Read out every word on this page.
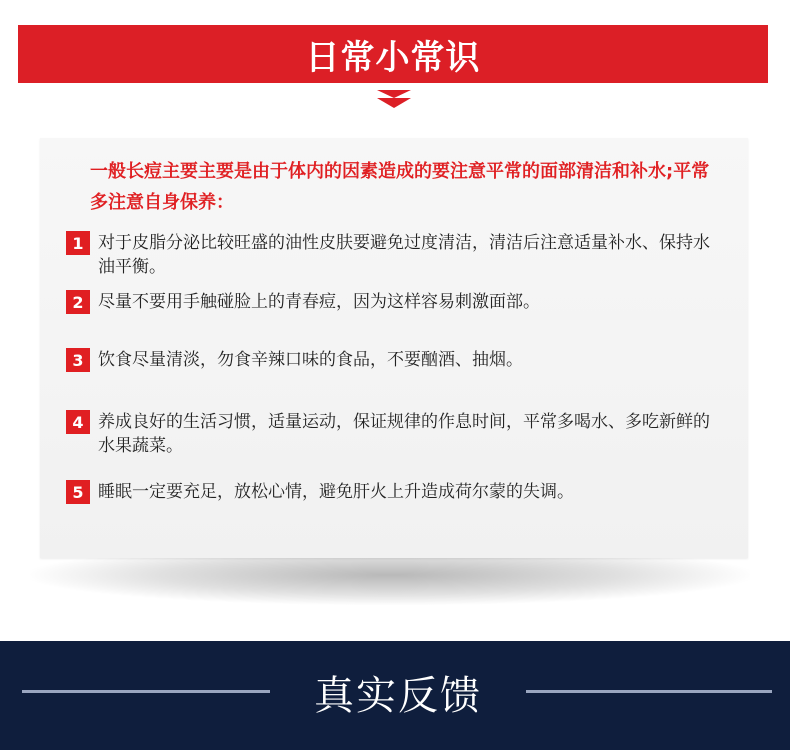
日常小常识
一般长痘主要主要是由于体内的因素造成的要注意平常的面部清洁和补水;平常多注意自身保养：
1 对于皮脂分泌比较旺盛的油性皮肤要避免过度清洁，清洁后注意适量补水、保持水油平衡。
2 尽量不要用手触碰脸上的青春痘，因为这样容易刺激面部。
3 饮食尽量清淡，勿食辛辣口味的食品，不要酗酒、抽烟。
4 养成良好的生活习惯，适量运动，保证规律的作息时间，平常多喝水、多吃新鲜的水果蔬菜。
5 睡眠一定要充足，放松心情，避免肝火上升造成荷尔蒙的失调。
真实反馈
